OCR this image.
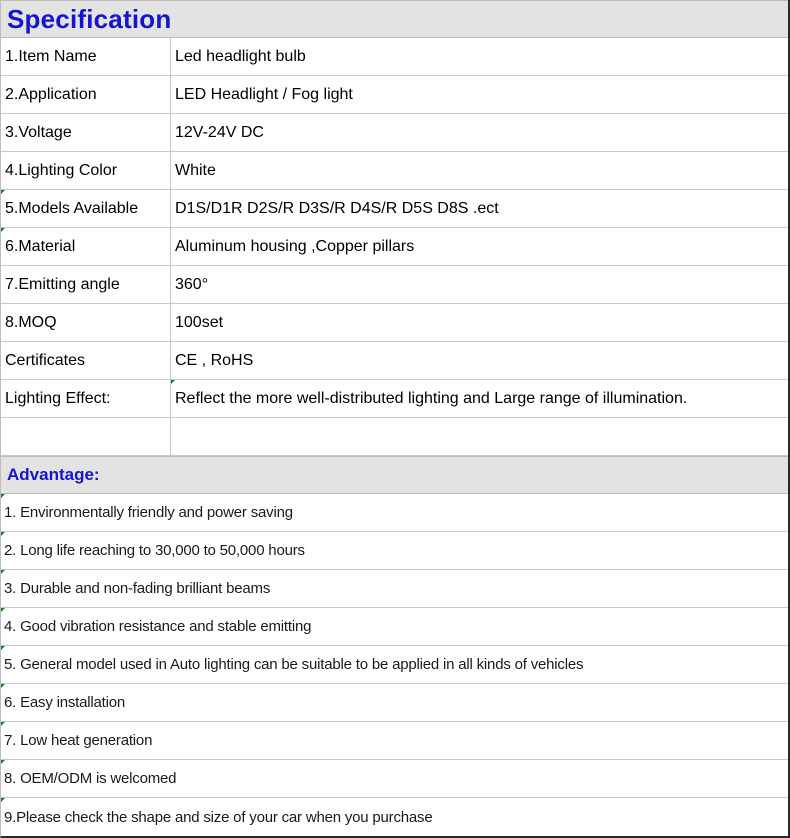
Specification
1.Item Name	Led headlight bulb
2.Application	LED Headlight / Fog light
3.Voltage	12V-24V DC
4.Lighting Color	White
5.Models Available	D1S/D1R D2S/R D3S/R D4S/R D5S D8S .ect
6.Material	Aluminum housing ,Copper pillars
7.Emitting angle	360°
8.MOQ	100set
Certificates	CE , RoHS
Lighting Effect:	Reflect the more well-distributed lighting and Large range of illumination.
Advantage:
1. Environmentally friendly and power saving
2. Long life reaching to 30,000 to 50,000 hours
3. Durable and non-fading brilliant beams
4. Good vibration resistance and stable emitting
5. General model used in Auto lighting can be suitable to be applied in all kinds of vehicles
6. Easy installation
7. Low heat generation
8. OEM/ODM is welcomed
9.Please check the shape and size of your car when you purchase
